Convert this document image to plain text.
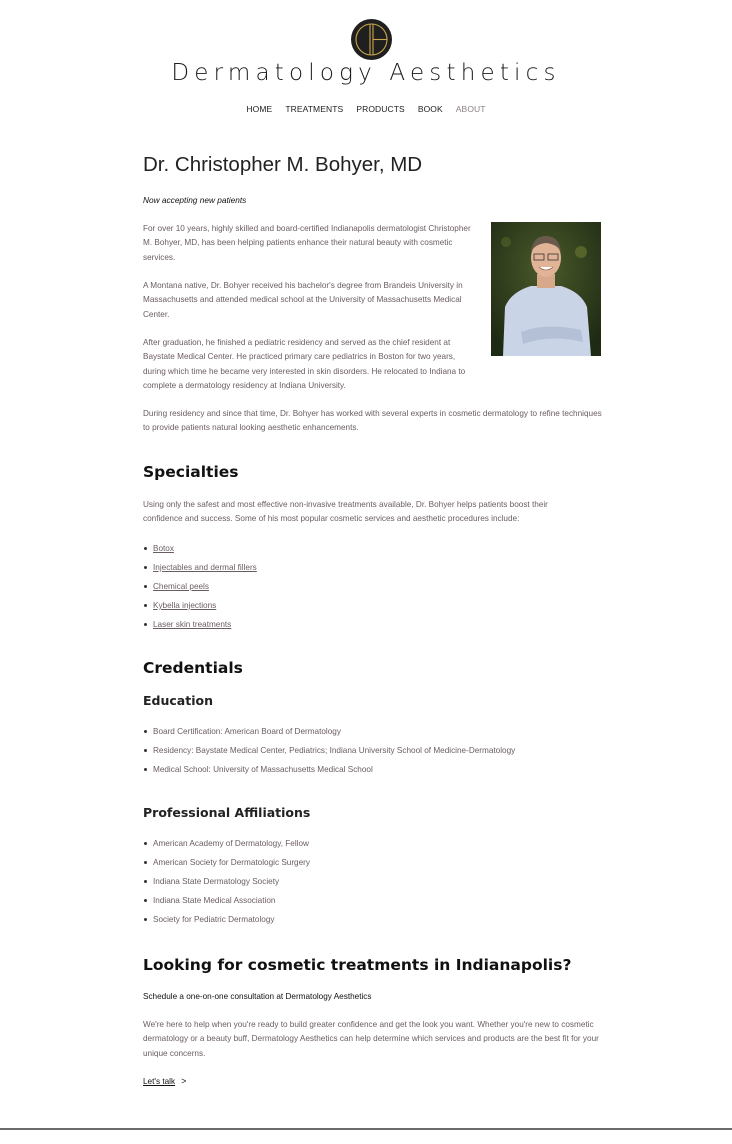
Dermatology Aesthetics
HOME TREATMENTS PRODUCTS BOOK ABOUT
Dr. Christopher M. Bohyer, MD
Now accepting new patients

For over 10 years, highly skilled and board-certified Indianapolis dermatologist Christopher M. Bohyer, MD, has been helping patients enhance their natural beauty with cosmetic services.

A Montana native, Dr. Bohyer received his bachelor's degree from Brandeis University in Massachusetts and attended medical school at the University of Massachusetts Medical Center.

After graduation, he finished a pediatric residency and served as the chief resident at Baystate Medical Center. He practiced primary care pediatrics in Boston for two years, during which time he became very interested in skin disorders. He relocated to Indiana to complete a dermatology residency at Indiana University.

During residency and since that time, Dr. Bohyer has worked with several experts in cosmetic dermatology to refine techniques to provide patients natural looking aesthetic enhancements.

Specialties

Using only the safest and most effective non-invasive treatments available, Dr. Bohyer helps patients boost their confidence and success. Some of his most popular cosmetic services and aesthetic procedures include:

Botox
Injectables and dermal fillers
Chemical peels
Kybella injections
Laser skin treatments
Credentials
Education
Board Certification: American Board of Dermatology
Residency: Baystate Medical Center, Pediatrics; Indiana University School of Medicine-Dermatology
Medical School: University of Massachusetts Medical School
Professional Affiliations
American Academy of Dermatology, Fellow
American Society for Dermatologic Surgery
Indiana State Dermatology Society
Indiana State Medical Association
Society for Pediatric Dermatology
Looking for cosmetic treatments in Indianapolis?
Schedule a one-on-one consultation at Dermatology Aesthetics

We're here to help when you're ready to build greater confidence and get the look you want. Whether you're new to cosmetic dermatology or a beauty buff, Dermatology Aesthetics can help determine which services and products are the best fit for your unique concerns.

Let's talk >
